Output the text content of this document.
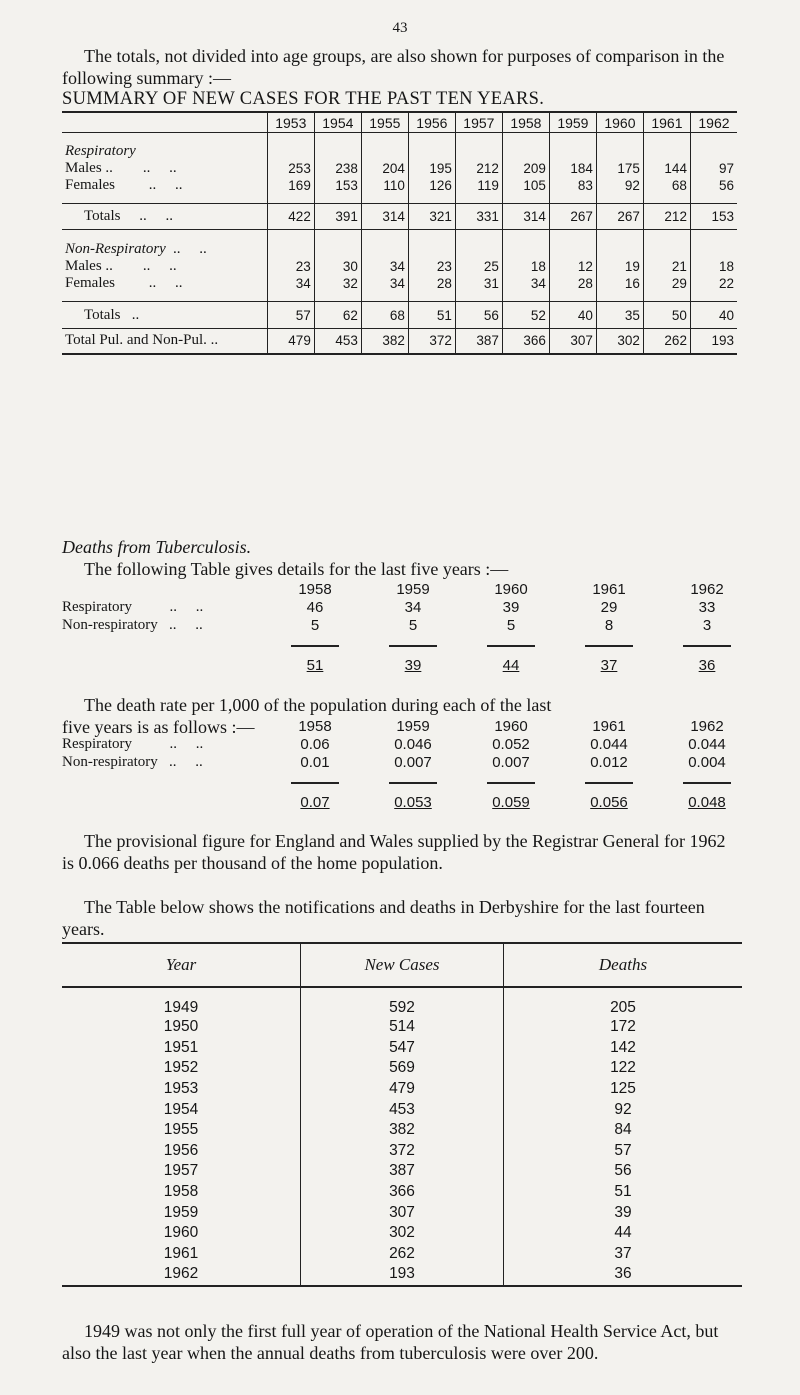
43

The totals, not divided into age groups, are also shown for purposes of comparison in the following summary :—

SUMMARY OF NEW CASES FOR THE PAST TEN YEARS.
	1953	1954	1955	1956	1957	1958	1959	1960	1961	1962
Respiratory										
Males ..        ..     ..	253	238	204	195	212	209	184	175	144	97
Females         ..     ..	169	153	110	126	119	105	83	92	68	56

Totals     ..     ..	422	391	314	321	331	314	267	267	212	153
Non-Respiratory  ..     ..										
Males ..        ..     ..	23	30	34	23	25	18	12	19	21	18
Females         ..     ..	34	32	34	28	31	34	28	16	29	22

Totals   ..	57	62	68	51	56	52	40	35	50	40
Total Pul. and Non-Pul. ..	479	453	382	372	387	366	307	302	262	193
Deaths from Tuberculosis.

The following Table gives details for the last five years :—

1958	1959	1960	1961	1962
Respiratory          ..     ..	46	34	39	29	33
Non-respiratory   ..     ..	5	5	5	8	3
51	39	44	37	36

The death rate per 1,000 of the population during each of the last

five years is as follows :—	1958	1959	1960	1961	1962
Respiratory          ..     ..	0.06	0.046	0.052	0.044	0.044
Non-respiratory   ..     ..	0.01	0.007	0.007	0.012	0.004
0.07	0.053	0.059	0.056	0.048

The provisional figure for England and Wales supplied by the Registrar General for 1962 is 0.066 deaths per thousand of the home population.

The Table below shows the notifications and deaths in Derbyshire for the last fourteen years.

Year	New Cases	Deaths
1949	592	205
1950	514	172
1951	547	142
1952	569	122
1953	479	125
1954	453	92
1955	382	84
1956	372	57
1957	387	56
1958	366	51
1959	307	39
1960	302	44
1961	262	37
1962	193	36

1949 was not only the first full year of operation of the National Health Service Act, but also the last year when the annual deaths from tuberculosis were over 200.
